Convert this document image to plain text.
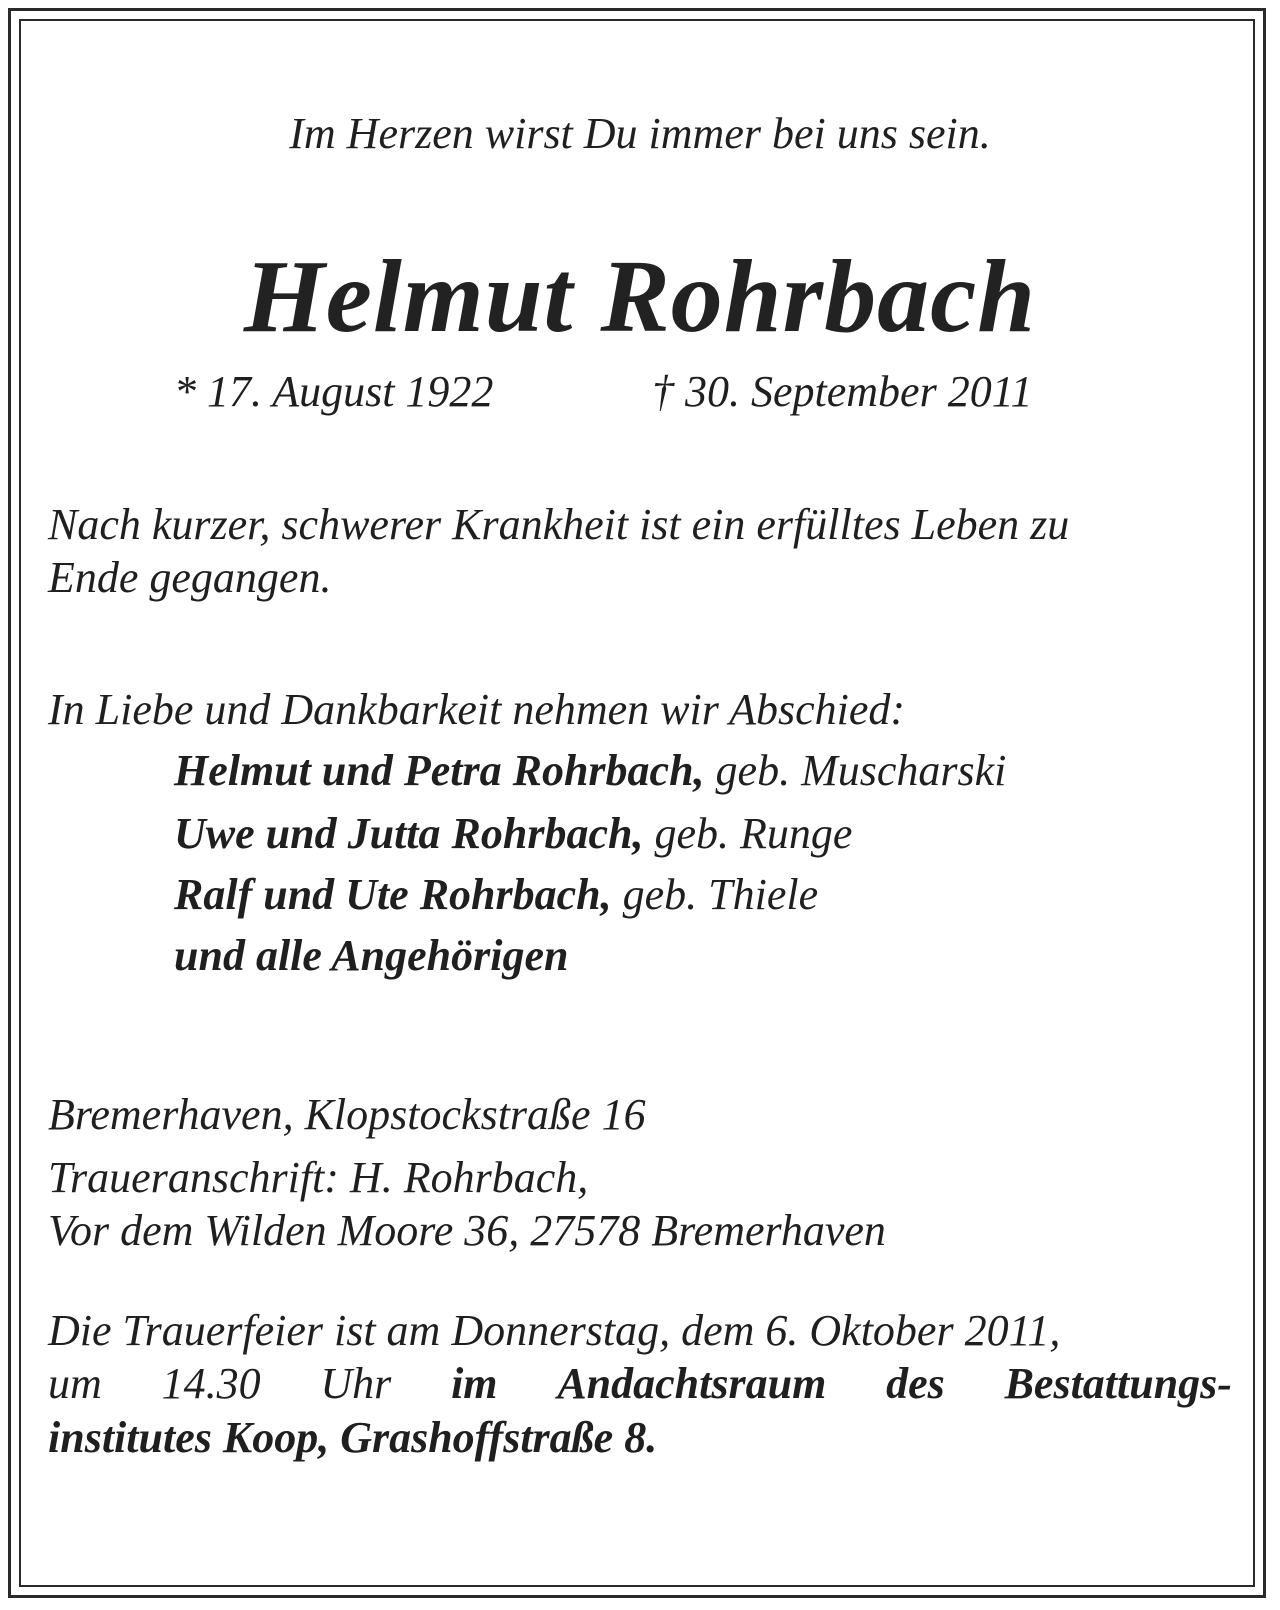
Im Herzen wirst Du immer bei uns sein.
Helmut Rohrbach
* 17. August 1922	† 30. September 2011
Nach kurzer, schwerer Krankheit ist ein erfülltes Leben zu
Ende gegangen.
In Liebe und Dankbarkeit nehmen wir Abschied:
Helmut und Petra Rohrbach, geb. Muscharski
Uwe und Jutta Rohrbach, geb. Runge
Ralf und Ute Rohrbach, geb. Thiele
und alle Angehörigen
Bremerhaven, Klopstockstraße 16
Traueranschrift: H. Rohrbach,
Vor dem Wilden Moore 36, 27578 Bremerhaven
Die Trauerfeier ist am Donnerstag, dem 6. Oktober 2011,
um 14.30 Uhr im Andachtsraum des Bestattungs-
institutes Koop, Grashoffstraße 8.
